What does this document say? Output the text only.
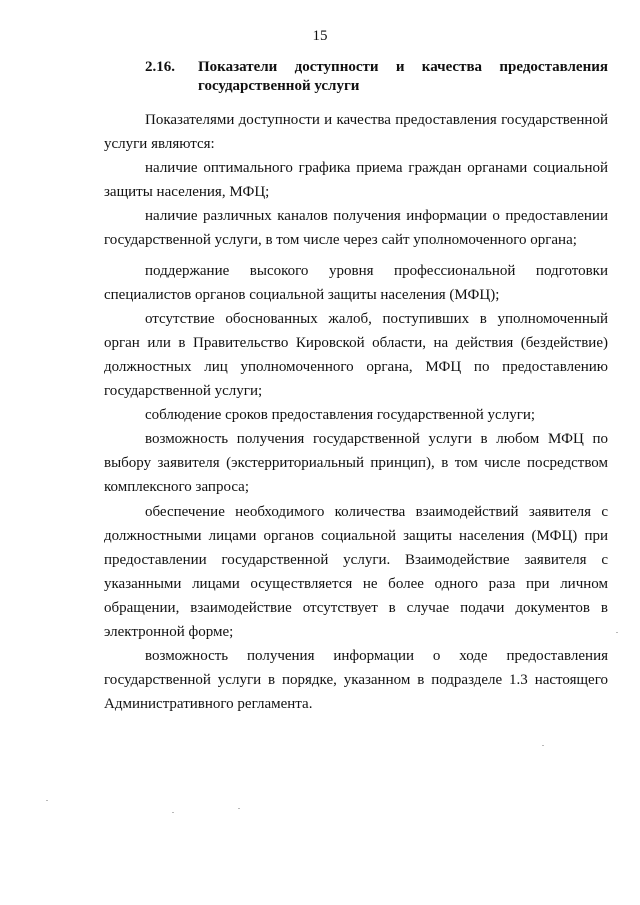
15
2.16. Показатели доступности и качества предоставления
государственной услуги

Показателями доступности и качества предоставления государственной услуги являются:

наличие оптимального графика приема граждан органами социальной защиты населения, МФЦ;

наличие различных каналов получения информации о предоставлении государственной услуги, в том числе через сайт уполномоченного органа;

поддержание высокого уровня профессиональной подготовки специалистов органов социальной защиты населения (МФЦ);

отсутствие обоснованных жалоб, поступивших в уполномоченный орган или в Правительство Кировской области, на действия (бездействие) должностных лиц уполномоченного органа, МФЦ по предоставлению государственной услуги;

соблюдение сроков предоставления государственной услуги;

возможность получения государственной услуги в любом МФЦ по выбору заявителя (экстерриториальный принцип), в том числе посредством комплексного запроса;

обеспечение необходимого количества взаимодействий заявителя с должностными лицами органов социальной защиты населения (МФЦ) при предоставлении государственной услуги. Взаимодействие заявителя с указанными лицами осуществляется не более одного раза при личном обращении, взаимодействие отсутствует в случае подачи документов в электронной форме;

возможность получения информации о ходе предоставления государственной услуги в порядке, указанном в подразделе 1.3 настоящего Административного регламента.
